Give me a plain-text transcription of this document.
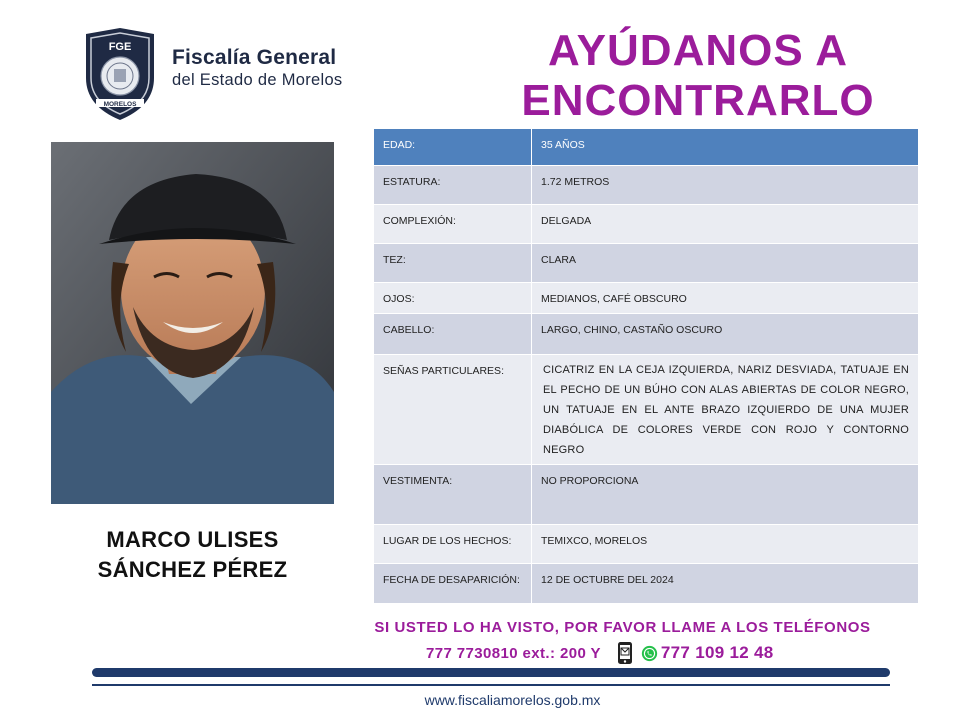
FGE
MORELOS
Fiscalía General
del Estado de Morelos
AYÚDANOS A
ENCONTRARLO
MARCO ULISES
SÁNCHEZ PÉREZ
EDAD:	35 AÑOS
ESTATURA:	1.72 METROS
COMPLEXIÓN:	DELGADA
TEZ:	CLARA
OJOS:	MEDIANOS, CAFÉ OBSCURO
CABELLO:	LARGO, CHINO, CASTAÑO OSCURO
SEÑAS PARTICULARES:	CICATRIZ EN LA CEJA IZQUIERDA, NARIZ DESVIADA, TATUAJE EN EL PECHO DE UN BÚHO CON ALAS ABIERTAS DE COLOR NEGRO, UN TATUAJE EN EL ANTE BRAZO IZQUIERDO DE UNA MUJER DIABÓLICA DE COLORES VERDE CON ROJO Y CONTORNO NEGRO
VESTIMENTA:	NO PROPORCIONA
LUGAR DE LOS HECHOS:	TEMIXCO, MORELOS
FECHA DE DESAPARICIÓN:	12 DE OCTUBRE DEL 2024
SI USTED LO HA VISTO, POR FAVOR LLAME A LOS TELÉFONOS
777 7730810 ext.: 200 Y	777 109 12 48
www.fiscaliamorelos.gob.mx
